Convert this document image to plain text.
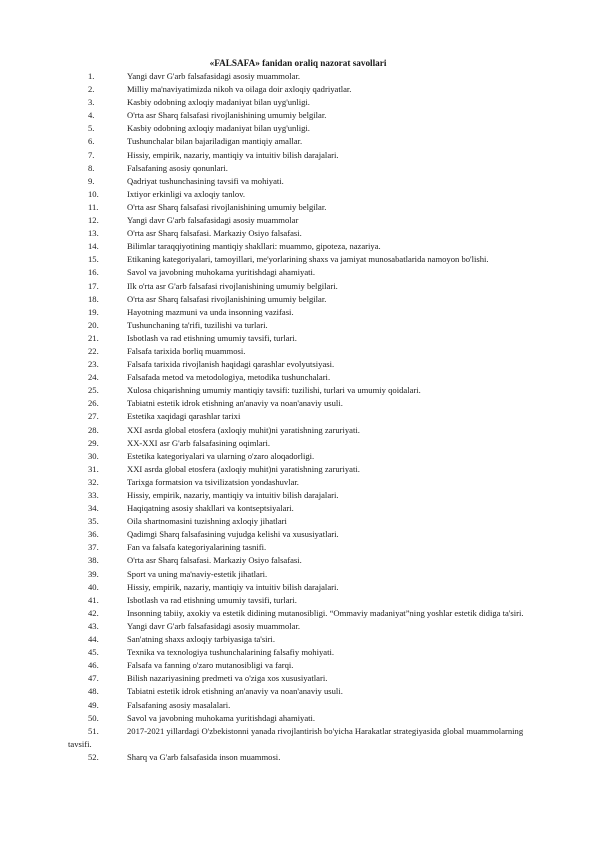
«FALSAFA» fanidan oraliq nazorat savollari
1.	Yangi davr G'arb falsafasidagi asosiy muammolar.
2.	Milliy ma'naviyatimizda nikoh va oilaga doir axloqiy qadriyatlar.
3.	Kasbiy odobning axloqiy madaniyat bilan uyg'unligi.
4.	O'rta asr Sharq falsafasi rivojlanishining umumiy belgilar.
5.	Kasbiy odobning axloqiy madaniyat bilan uyg'unligi.
6.	Tushunchalar bilan bajariladigan mantiqiy amallar.
7.	Hissiy, empirik, nazariy, mantiqiy va intuitiv bilish darajalari.
8.	Falsafaning asosiy qonunlari.
9.	Qadriyat tushunchasining tavsifi va mohiyati.
10.	Ixtiyor erkinligi va axloqiy tanlov.
11.	O'rta asr Sharq falsafasi rivojlanishining umumiy belgilar.
12.	Yangi davr G'arb falsafasidagi asosiy muammolar
13.	O'rta asr Sharq falsafasi. Markaziy Osiyo falsafasi.
14.	Bilimlar taraqqiyotining mantiqiy shakllari: muammo, gipoteza, nazariya.
15.	Etikaning kategoriyalari, tamoyillari, me'yorlarining shaxs va jamiyat munosabatlarida namoyon bo'lishi.
16.	Savol va javobning muhokama yuritishdagi ahamiyati.
17.	Ilk o'rta asr G'arb falsafasi rivojlanishining umumiy belgilari.
18.	O'rta asr Sharq falsafasi rivojlanishining umumiy belgilar.
19.	Hayotning mazmuni va unda insonning vazifasi.
20.	Tushunchaning ta'rifi, tuzilishi va turlari.
21.	Isbotlash va rad etishning umumiy tavsifi, turlari.
22.	Falsafa tarixida borliq muammosi.
23.	Falsafa tarixida rivojlanish haqidagi qarashlar evolyutsiyasi.
24.	Falsafada metod va metodologiya, metodika tushunchalari.
25.	Xulosa chiqarishning umumiy mantiqiy tavsifi: tuzilishi, turlari va umumiy qoidalari.
26.	Tabiatni estetik idrok etishning an'anaviy va noan'anaviy usuli.
27.	Estetika xaqidagi qarashlar tarixi
28.	XXI asrda global etosfera (axloqiy muhit)ni yaratishning zaruriyati.
29.	XX-XXI asr G'arb falsafasining oqimlari.
30.	Estetika kategoriyalari va ularning o'zaro aloqadorligi.
31.	XXI asrda global etosfera (axloqiy muhit)ni yaratishning zaruriyati.
32.	Tarixga formatsion va tsivilizatsion yondashuvlar.
33.	Hissiy, empirik, nazariy, mantiqiy va intuitiv bilish darajalari.
34.	Haqiqatning asosiy shakllari va kontseptsiyalari.
35.	Oila shartnomasini tuzishning axloqiy jihatlari
36.	Qadimgi Sharq falsafasining vujudga kelishi va xususiyatlari.
37.	Fan va falsafa kategoriyalarining tasnifi.
38.	O'rta asr Sharq falsafasi. Markaziy Osiyo falsafasi.
39.	Sport va uning ma'naviy-estetik jihatlari.
40.	Hissiy, empirik, nazariy, mantiqiy va intuitiv bilish darajalari.
41.	Isbotlash va rad etishning umumiy tavsifi, turlari.
42.	Insonning tabiiy, axokiy va estetik didining mutanosibligi. “Ommaviy madaniyat”ning yoshlar estetik didiga ta'siri.
43.	Yangi davr G'arb falsafasidagi asosiy muammolar.
44.	San'atning shaxs axloqiy tarbiyasiga ta'siri.
45.	Texnika va texnologiya tushunchalarining falsafiy mohiyati.
46.	Falsafa va fanning o'zaro mutanosibligi va farqi.
47.	Bilish nazariyasining predmeti va o'ziga xos xususiyatlari.
48.	Tabiatni estetik idrok etishning an'anaviy va noan'anaviy usuli.
49.	Falsafaning asosiy masalalari.
50.	Savol va javobning muhokama yuritishdagi ahamiyati.
51.	2017-2021 yillardagi O'zbekistonni yanada rivojlantirish bo'yicha Harakatlar strategiyasida global muammolarning tavsifi.
52.	Sharq va G'arb falsafasida inson muammosi.
